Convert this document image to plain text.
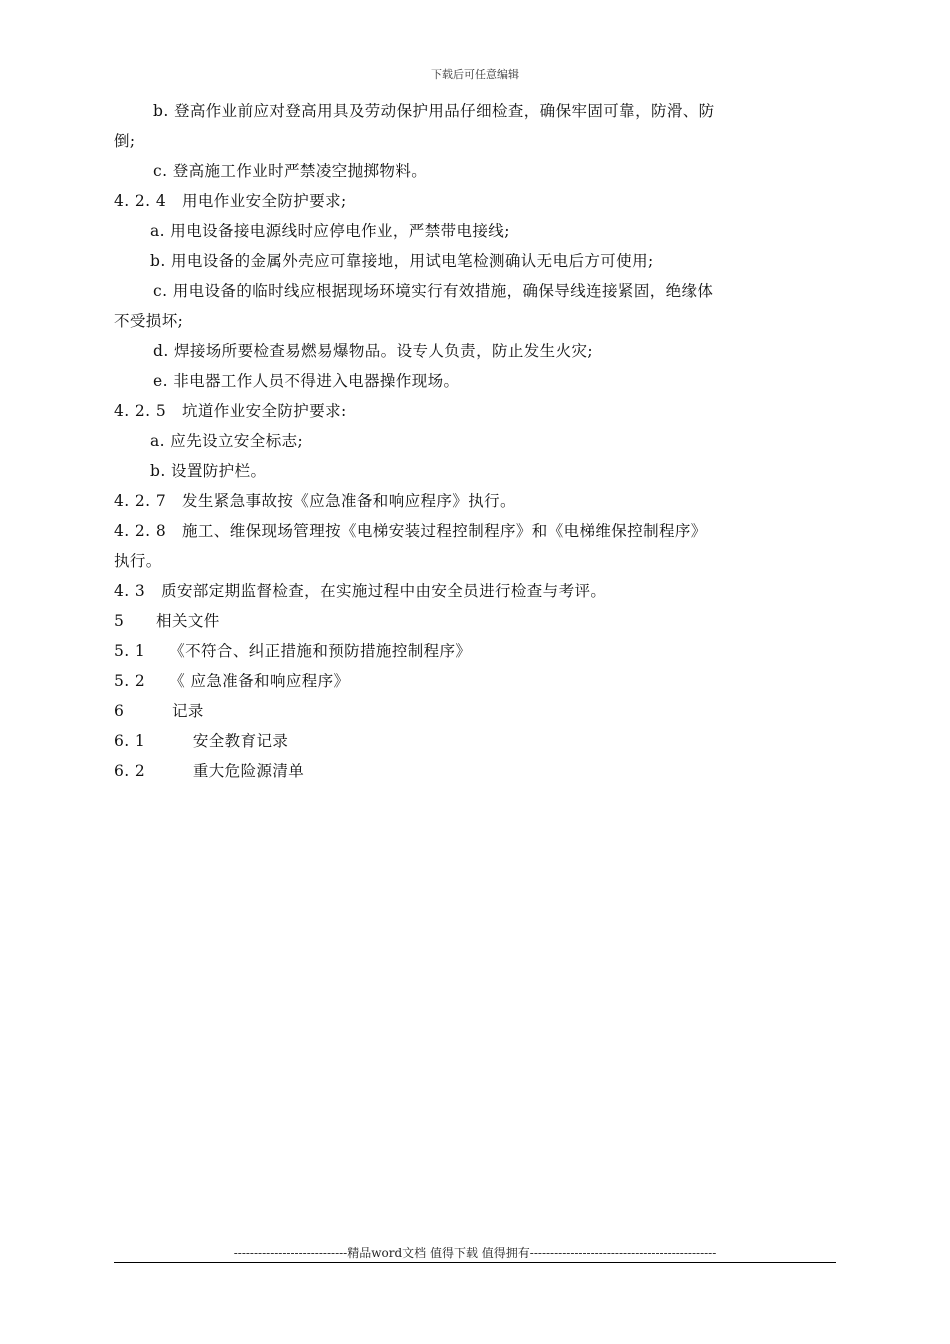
下载后可任意编辑
b. 登高作业前应对登高用具及劳动保护用品仔细检查，确保牢固可靠，防滑、防
倒;
c. 登高施工作业时严禁凌空抛掷物料。
4. 2. 4　用电作业安全防护要求;
a. 用电设备接电源线时应停电作业，严禁带电接线;
b. 用电设备的金属外壳应可靠接地，用试电笔检测确认无电后方可使用;
c. 用电设备的临时线应根据现场环境实行有效措施，确保导线连接紧固，绝缘体
不受损坏;
d. 焊接场所要检查易燃易爆物品。设专人负责，防止发生火灾;
e. 非电器工作人员不得进入电器操作现场。
4. 2. 5　坑道作业安全防护要求:
a. 应先设立安全标志;
b. 设置防护栏。
4. 2. 7　发生紧急事故按《应急准备和响应程序》执行。
4. 2. 8　施工、维保现场管理按《电梯安装过程控制程序》和《电梯维保控制程序》
执行。
4. 3　质安部定期监督检查，在实施过程中由安全员进行检查与考评。
5　　相关文件
5. 1　　《不符合、纠正措施和预防措施控制程序》
5. 2　　《 应急准备和响应程序》
6　　　记录
6. 1　　　安全教育记录
6. 2　　　重大危险源清单
----------------------------精品word文档 值得下载 值得拥有----------------------------------------------
